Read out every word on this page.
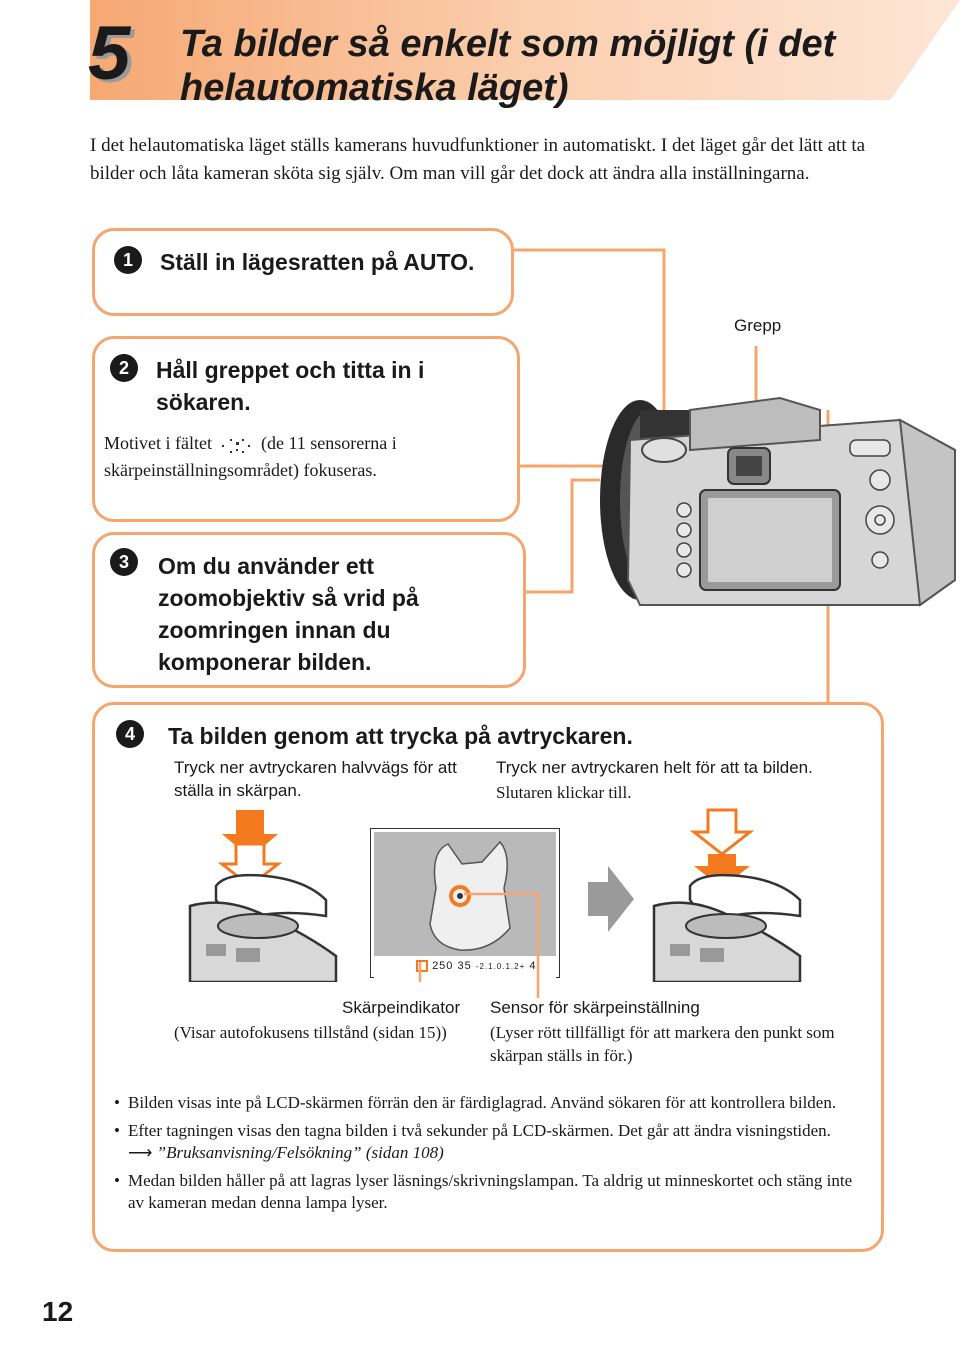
5 Ta bilder så enkelt som möjligt (i det helautomatiska läget)
I det helautomatiska läget ställs kamerans huvudfunktioner in automatiskt. I det läget går det lätt att ta bilder och låta kameran sköta sig själv. Om man vill går det dock att ändra alla inställningarna.
Grepp
1	Ställ in lägesratten på AUTO.
2	Håll greppet och titta in i sökaren.
Motivet i fältet	(de 11 sensorerna i skärpeinställningsområdet) fokuseras.
3	Om du använder ett zoomobjektiv så vrid på zoomringen innan du komponerar bilden.
4	Ta bilden genom att trycka på avtryckaren.
Tryck ner avtryckaren halvvägs för att ställa in skärpan.
Tryck ner avtryckaren helt för att ta bilden.
Slutaren klickar till.
250 35 -2.1.0.1.2+ 4
Skärpeindikator
(Visar autofokusens tillstånd (sidan 15))
Sensor för skärpeinställning
(Lyser rött tillfälligt för att markera den punkt som skärpan ställs in för.)
• Bilden visas inte på LCD-skärmen förrän den är färdiglagrad. Använd sökaren för att kontrollera bilden.
• Efter tagningen visas den tagna bilden i två sekunder på LCD-skärmen. Det går att ändra visningstiden. ⟶ ”Bruksanvisning/Felsökning” (sidan 108)
• Medan bilden håller på att lagras lyser läsnings/skrivningslampan. Ta aldrig ut minneskortet och stäng inte av kameran medan denna lampa lyser.
12
